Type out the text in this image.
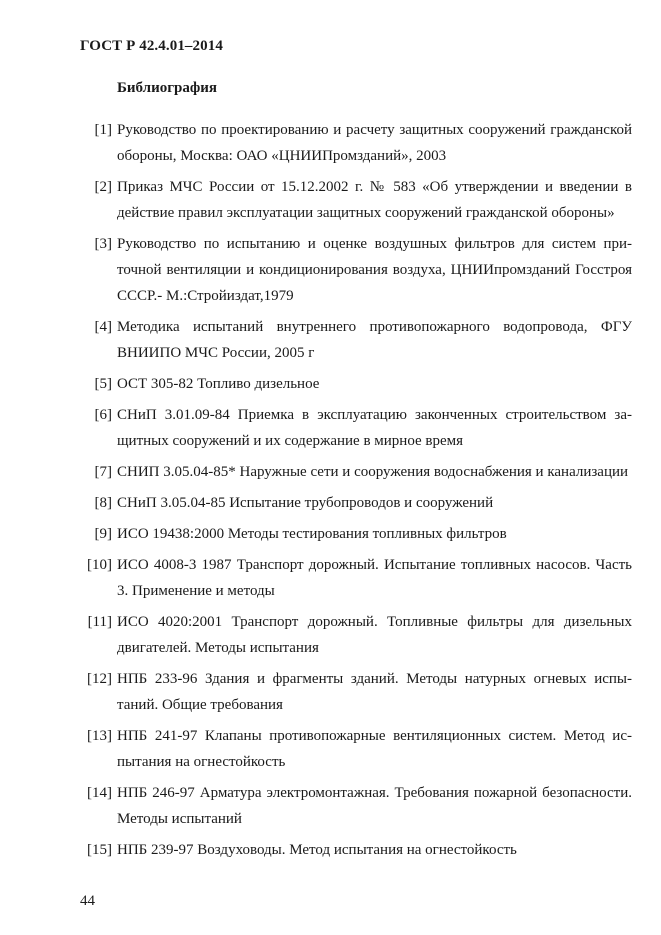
ГОСТ Р 42.4.01–2014
Библиография
[1] Руководство по проектированию и расчету защитных сооружений гражданской обороны, Москва: ОАО «ЦНИИПромзданий», 2003
[2] Приказ МЧС России от 15.12.2002 г. № 583 «Об утверждении и введении в действие правил эксплуатации защитных сооружений гражданской обороны»
[3] Руководство по испытанию и оценке воздушных фильтров для систем приточной вентиляции и кондиционирования воздуха, ЦНИИпромзданий Госстроя СССР.- М.:Стройиздат,1979
[4] Методика испытаний внутреннего противопожарного водопровода, ФГУ ВНИИПО МЧС России, 2005 г
[5] ОСТ 305-82 Топливо дизельное
[6] СНиП 3.01.09-84 Приемка в эксплуатацию законченных строительством защитных сооружений и их содержание в мирное время
[7] СНИП 3.05.04-85* Наружные сети и сооружения водоснабжения и канализации
[8] СНиП 3.05.04-85 Испытание трубопроводов и сооружений
[9] ИСО 19438:2000 Методы тестирования топливных фильтров
[10] ИСО 4008-3 1987 Транспорт дорожный. Испытание топливных насосов. Часть 3. Применение и методы
[11] ИСО 4020:2001 Транспорт дорожный. Топливные фильтры для дизельных двигателей. Методы испытания
[12] НПБ 233-96 Здания и фрагменты зданий. Методы натурных огневых испытаний. Общие требования
[13] НПБ 241-97 Клапаны противопожарные вентиляционных систем. Метод испытания на огнестойкость
[14] НПБ 246-97 Арматура электромонтажная. Требования пожарной безопасности. Методы испытаний
[15] НПБ 239-97 Воздуховоды. Метод испытания на огнестойкость
44
